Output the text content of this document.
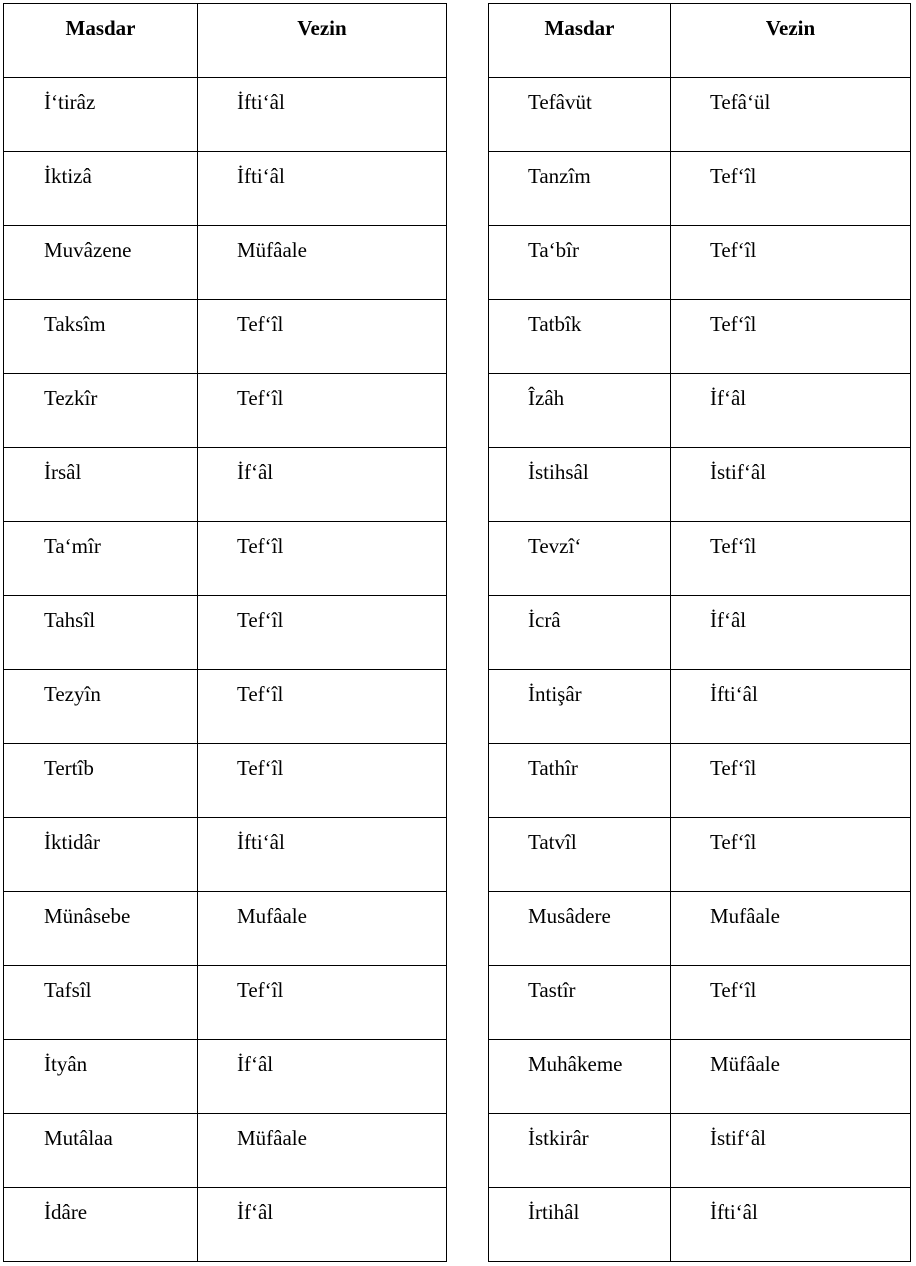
Masdar	Vezin
İ‘tirâz	İfti‘âl
İktizâ	İfti‘âl
Muvâzene	Müfâale
Taksîm	Tef‘îl
Tezkîr	Tef‘îl
İrsâl	İf‘âl
Ta‘mîr	Tef‘îl
Tahsîl	Tef‘îl
Tezyîn	Tef‘îl
Tertîb	Tef‘îl
İktidâr	İfti‘âl
Münâsebe	Mufâale
Tafsîl	Tef‘îl
İtyân	İf‘âl
Mutâlaa	Müfâale
İdâre	İf‘âl
Masdar	Vezin
Tefâvüt	Tefâ‘ül
Tanzîm	Tef‘îl
Ta‘bîr	Tef‘îl
Tatbîk	Tef‘îl
Îzâh	İf‘âl
İstihsâl	İstif‘âl
Tevzî‘	Tef‘îl
İcrâ	İf‘âl
İntişâr	İfti‘âl
Tathîr	Tef‘îl
Tatvîl	Tef‘îl
Musâdere	Mufâale
Tastîr	Tef‘îl
Muhâkeme	Müfâale
İstkirâr	İstif‘âl
İrtihâl	İfti‘âl
